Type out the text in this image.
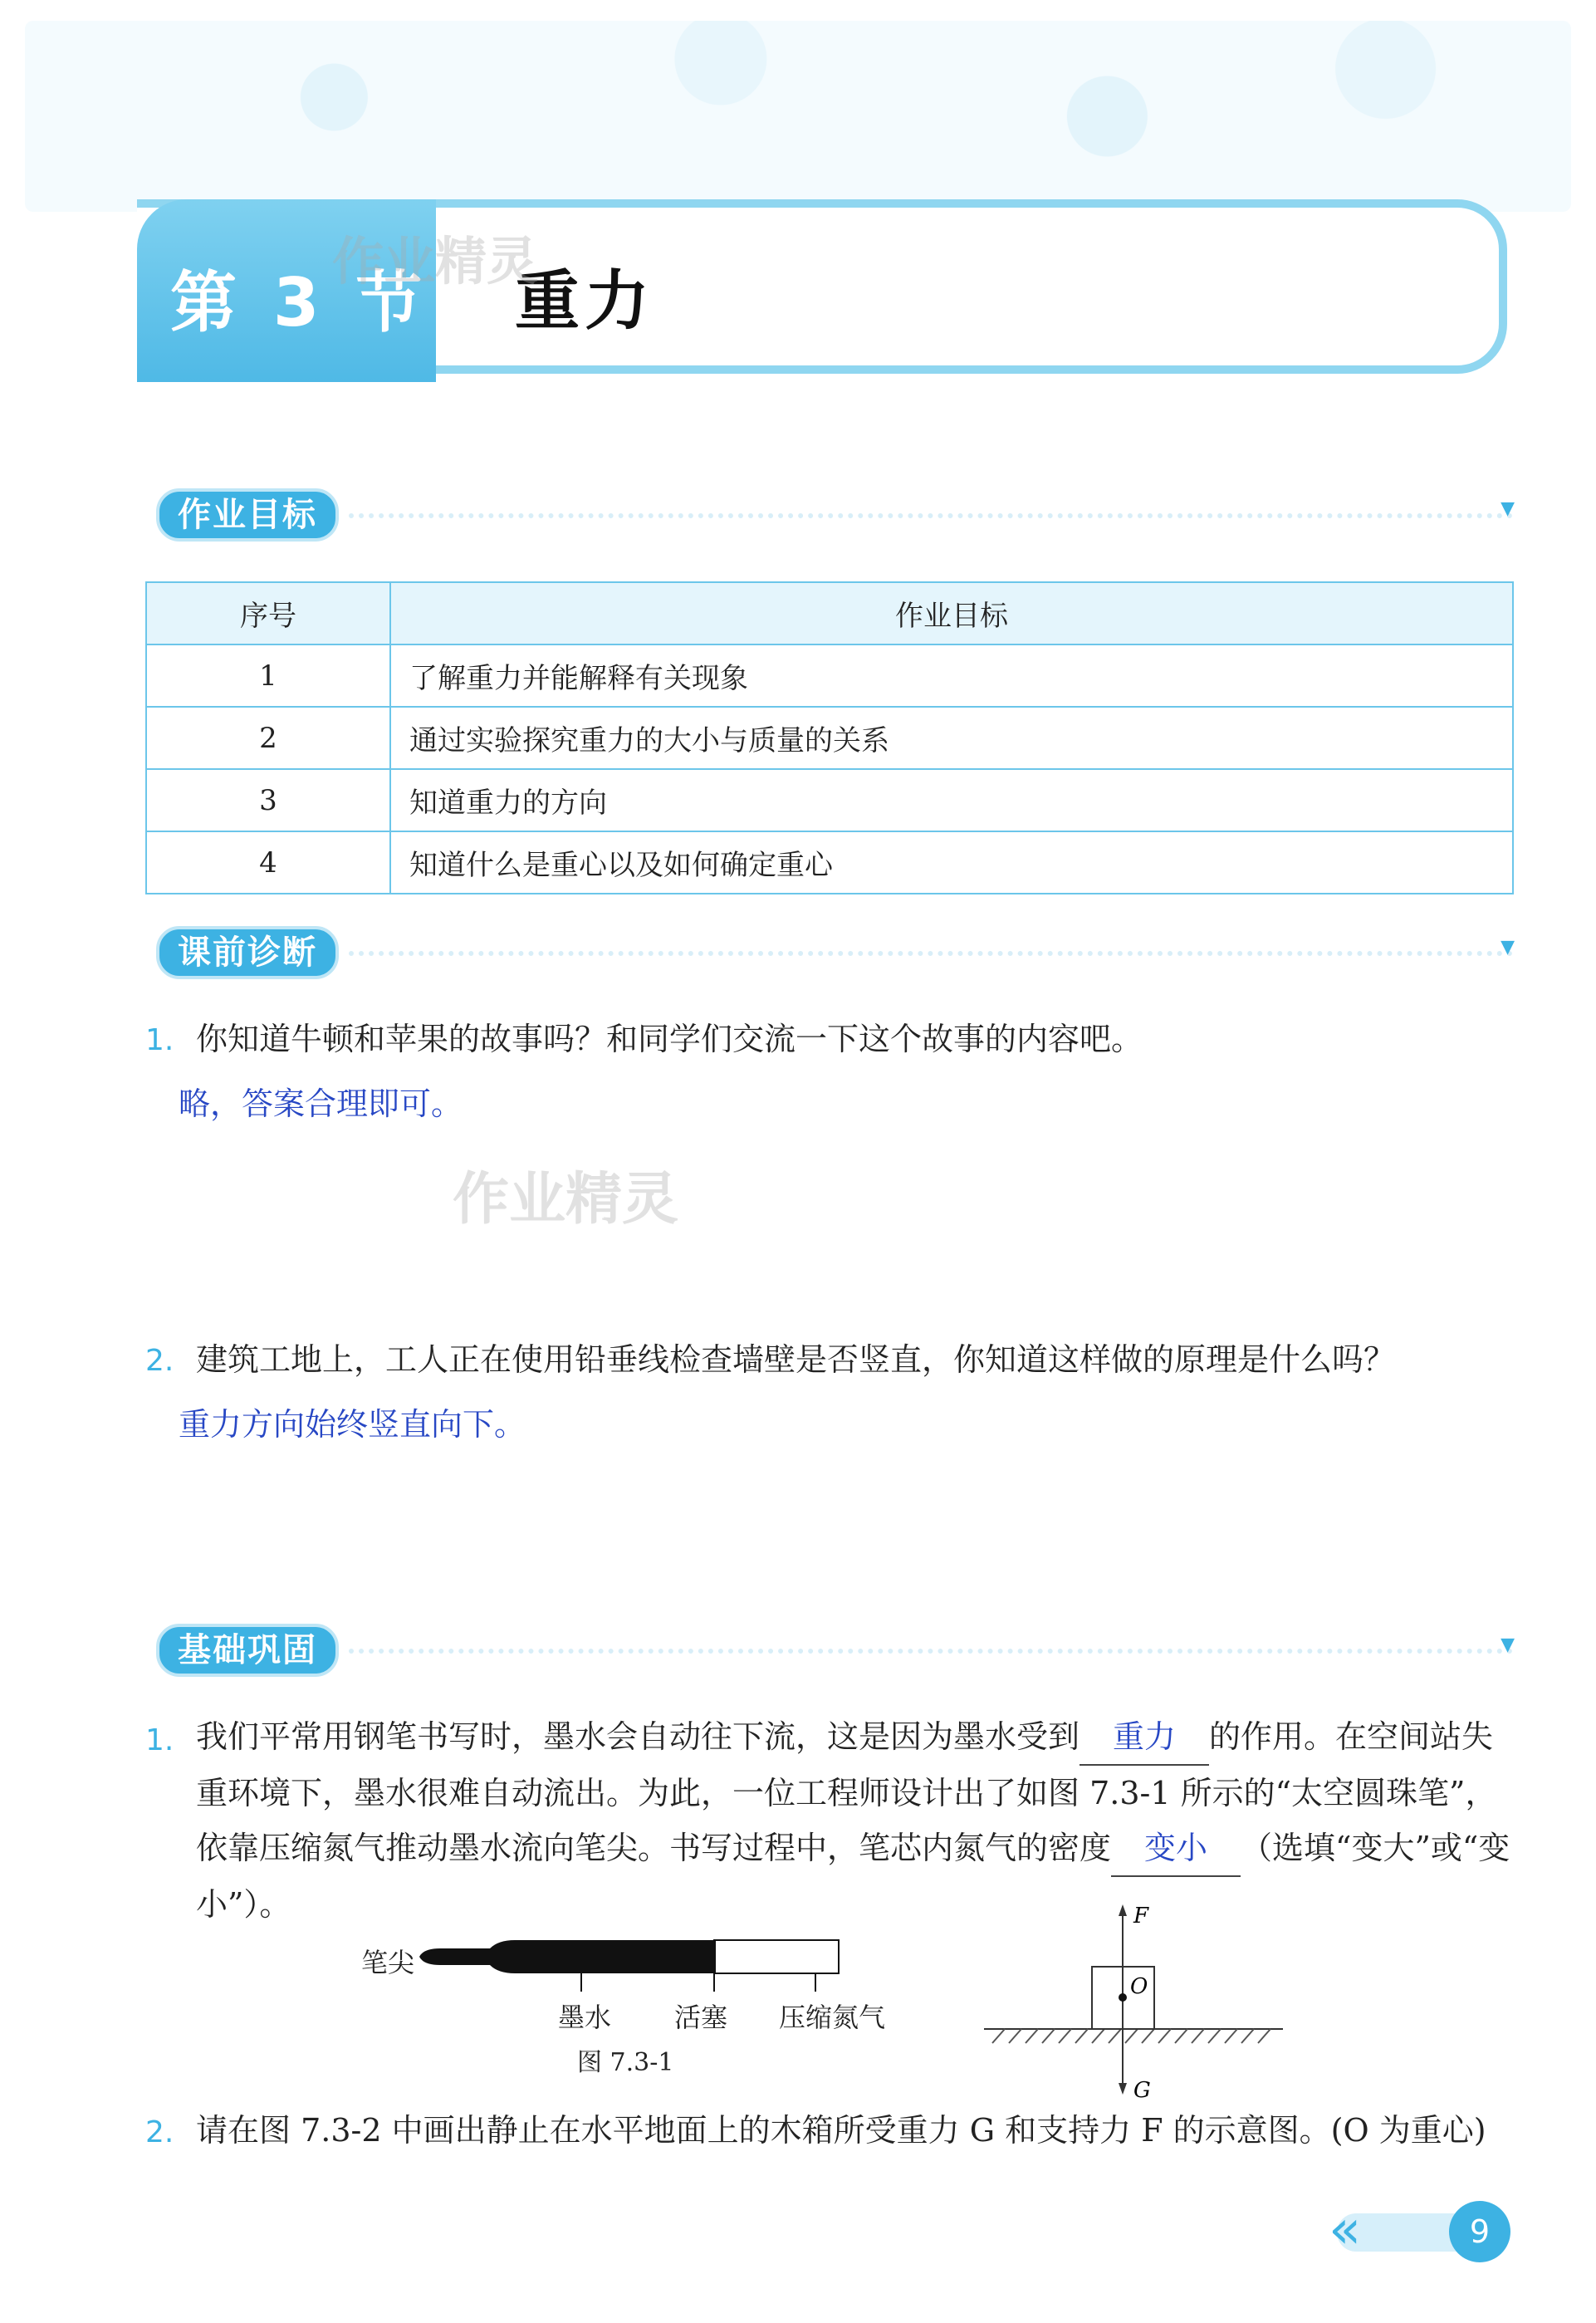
第 3 节 重力
作业精灵
作业目标	▼
序号	作业目标
1	了解重力并能解释有关现象
2	通过实验探究重力的大小与质量的关系
3	知道重力的方向
4	知道什么是重心以及如何确定重心
课前诊断	▼
1. 你知道牛顿和苹果的故事吗？和同学们交流一下这个故事的内容吧。
略，答案合理即可。
作业精灵
2. 建筑工地上，工人正在使用铅垂线检查墙壁是否竖直，你知道这样做的原理是什么吗？
重力方向始终竖直向下。
基础巩固	▼
1. 我们平常用钢笔书写时，墨水会自动往下流，这是因为墨水受到 重力 的作用。在空间站失重环境下，墨水很难自动流出。为此，一位工程师设计出了如图 7.3-1 所示的“太空圆珠笔”，依靠压缩氮气推动墨水流向笔尖。书写过程中，笔芯内氮气的密度 变小 （选填“变大”或“变小”）。
笔尖
墨水 活塞 压缩氮气
图 7.3-1
F
O
G
2. 请在图 7.3-2 中画出静止在水平地面上的木箱所受重力 G 和支持力 F 的示意图。(O 为重心)
«	9
